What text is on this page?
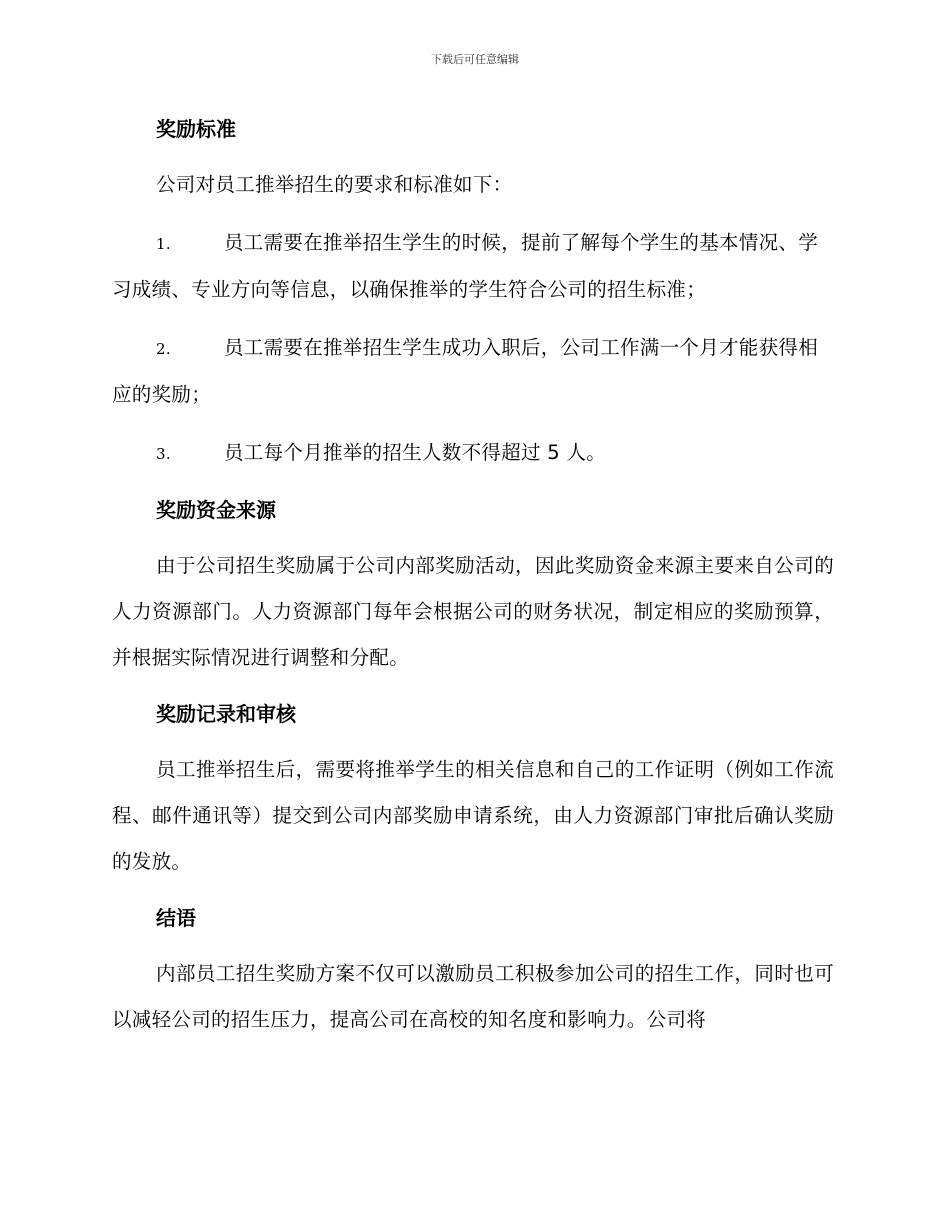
下载后可任意编辑
奖励标准

公司对员工推举招生的要求和标准如下：

1.	员工需要在推举招生学生的时候，提前了解每个学生的基本情况、学习成绩、专业方向等信息，以确保推举的学生符合公司的招生标准；
2.	员工需要在推举招生学生成功入职后，公司工作满一个月才能获得相应的奖励；
3.	员工每个月推举的招生人数不得超过 5 人。
奖励资金来源

由于公司招生奖励属于公司内部奖励活动，因此奖励资金来源主要来自公司的人力资源部门。人力资源部门每年会根据公司的财务状况，制定相应的奖励预算，并根据实际情况进行调整和分配。

奖励记录和审核

员工推举招生后，需要将推举学生的相关信息和自己的工作证明（例如工作流程、邮件通讯等）提交到公司内部奖励申请系统，由人力资源部门审批后确认奖励的发放。

结语

内部员工招生奖励方案不仅可以激励员工积极参加公司的招生工作，同时也可以减轻公司的招生压力，提高公司在高校的知名度和影响力。公司将
